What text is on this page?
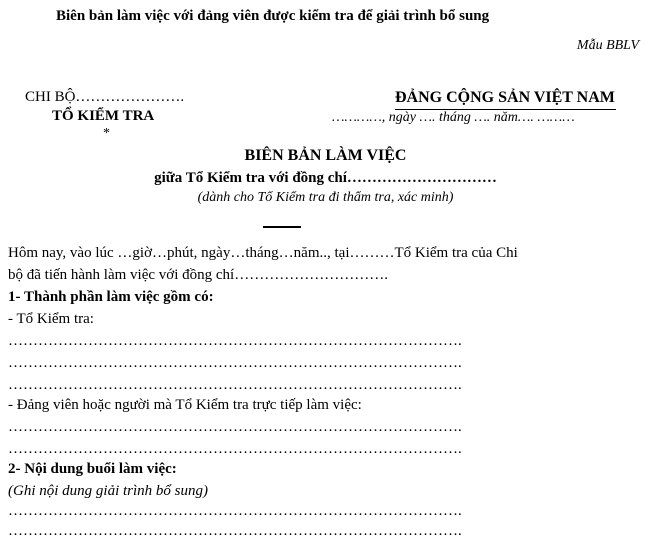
Biên bản làm việc với đảng viên được kiểm tra để giải trình bổ sung
Mẫu BBLV
CHI BỘ………………….	ĐẢNG CỘNG SẢN VIỆT NAM
TỔ KIỂM TRA	…………, ngày …. tháng …. năm…. ………
*
BIÊN BẢN LÀM VIỆC
giữa Tổ Kiểm tra với đồng chí…………………………
(dành cho Tổ Kiểm tra đi thẩm tra, xác minh)
Hôm nay, vào lúc …giờ…phút, ngày…tháng…năm.., tại………Tổ Kiểm tra của Chi
bộ đã tiến hành làm việc với đồng chí………………………….
1- Thành phần làm việc gồm có:
- Tổ Kiểm tra:
……………………………………………………………………………….
……………………………………………………………………………….
……………………………………………………………………………….
- Đảng viên hoặc người mà Tổ Kiểm tra trực tiếp làm việc:
……………………………………………………………………………….
……………………………………………………………………………….
2- Nội dung buổi làm việc:
(Ghi nội dung giải trình bổ sung)
……………………………………………………………………………….
……………………………………………………………………………….
